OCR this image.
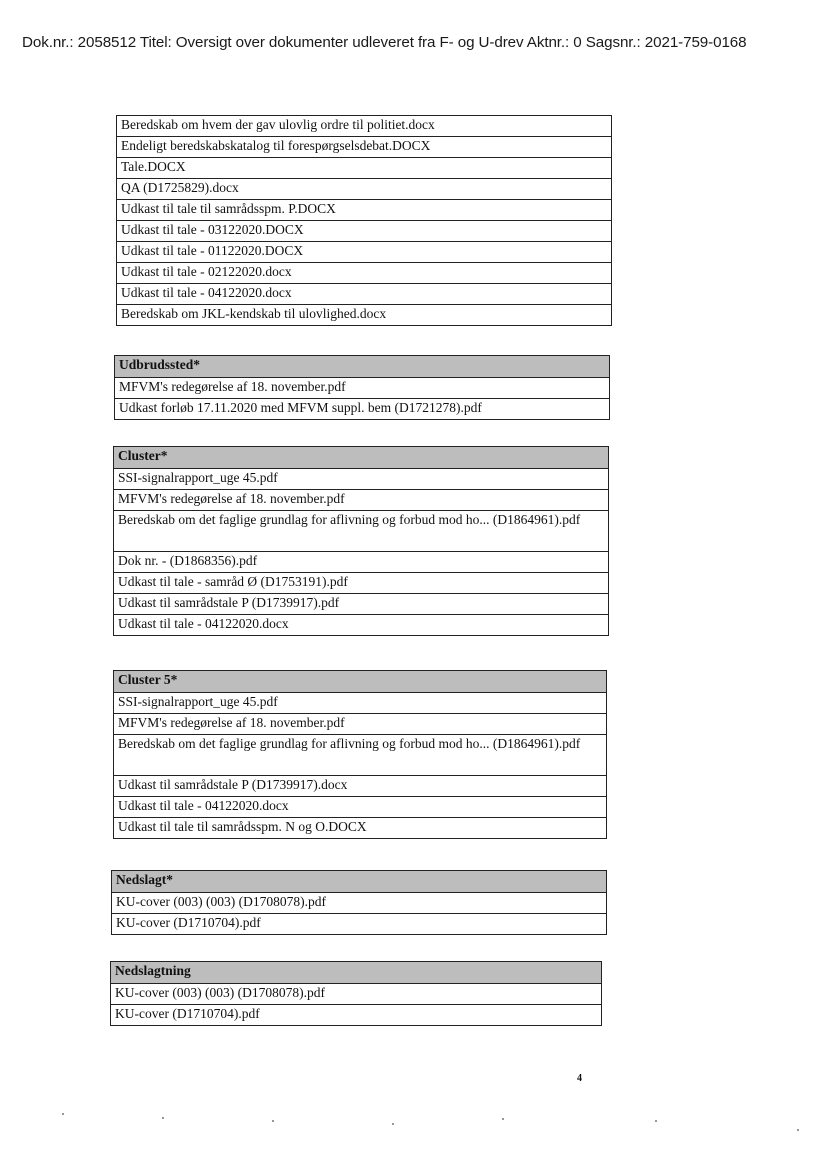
Dok.nr.: 2058512 Titel: Oversigt over dokumenter udleveret fra F- og U-drev Aktnr.: 0 Sagsnr.: 2021-759-0168
Beredskab om hvem der gav ulovlig ordre til politiet.docx
Endeligt beredskabskatalog til forespørgselsdebat.DOCX
Tale.DOCX
QA (D1725829).docx
Udkast til tale til samrådsspm. P.DOCX
Udkast til tale - 03122020.DOCX
Udkast til tale - 01122020.DOCX
Udkast til tale - 02122020.docx
Udkast til tale - 04122020.docx
Beredskab om JKL-kendskab til ulovlighed.docx
Udbrudssted*
MFVM's redegørelse af 18. november.pdf
Udkast forløb 17.11.2020 med MFVM suppl. bem (D1721278).pdf
Cluster*
SSI-signalrapport_uge 45.pdf
MFVM's redegørelse af 18. november.pdf
Beredskab om det faglige grundlag for aflivning og forbud mod ho... (D1864961).pdf
Dok nr. - (D1868356).pdf
Udkast til tale - samråd Ø (D1753191).pdf
Udkast til samrådstale P (D1739917).pdf
Udkast til tale - 04122020.docx
Cluster 5*
SSI-signalrapport_uge 45.pdf
MFVM's redegørelse af 18. november.pdf
Beredskab om det faglige grundlag for aflivning og forbud mod ho... (D1864961).pdf
Udkast til samrådstale P (D1739917).docx
Udkast til tale - 04122020.docx
Udkast til tale til samrådsspm. N og O.DOCX
Nedslagt*
KU-cover (003) (003) (D1708078).pdf
KU-cover (D1710704).pdf
Nedslagtning
KU-cover (003) (003) (D1708078).pdf
KU-cover (D1710704).pdf
4
